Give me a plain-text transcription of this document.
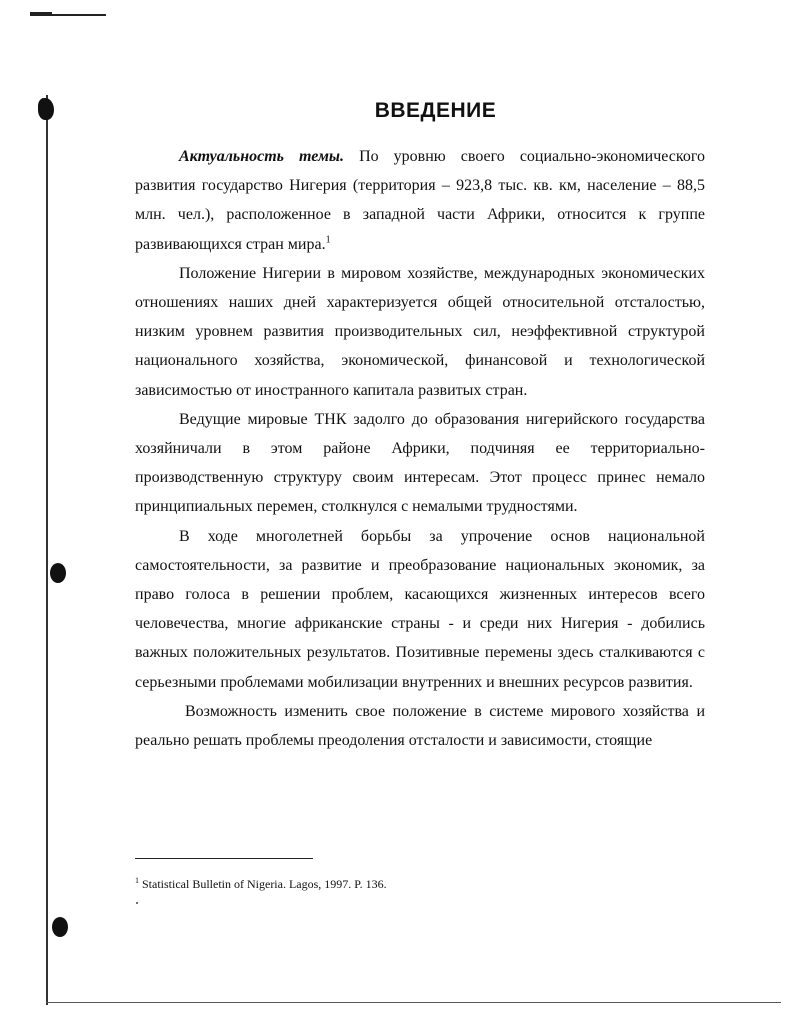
ВВЕДЕНИЕ

Актуальность темы. По уровню своего социально-экономического развития государство Нигерия (территория – 923,8 тыс. кв. км, население – 88,5 млн. чел.), расположенное в западной части Африки, относится к группе развивающихся стран мира.$^1$

Положение Нигерии в мировом хозяйстве, международных экономических отношениях наших дней характеризуется общей относительной отсталостью, низким уровнем развития производительных сил, неэффективной структурой национального хозяйства, экономической, финансовой и технологической зависимостью от иностранного капитала развитых стран.

Ведущие мировые ТНК задолго до образования нигерийского государства хозяйничали в этом районе Африки, подчиняя ее территориально-производственную структуру своим интересам. Этот процесс принес немало принципиальных перемен, столкнулся с немалыми трудностями.

В ходе многолетней борьбы за упрочение основ национальной самостоятельности, за развитие и преобразование национальных экономик, за право голоса в решении проблем, касающихся жизненных интересов всего человечества, многие африканские страны - и среди них Нигерия - добились важных положительных результатов. Позитивные перемены здесь сталкиваются с серьезными проблемами мобилизации внутренних и внешних ресурсов развития.

Возможность изменить свое положение в системе мирового хозяйства и реально решать проблемы преодоления отсталости и зависимости, стоящие

$^1$ Statistical Bulletin of Nigeria. Lagos, 1997. P. 136.
